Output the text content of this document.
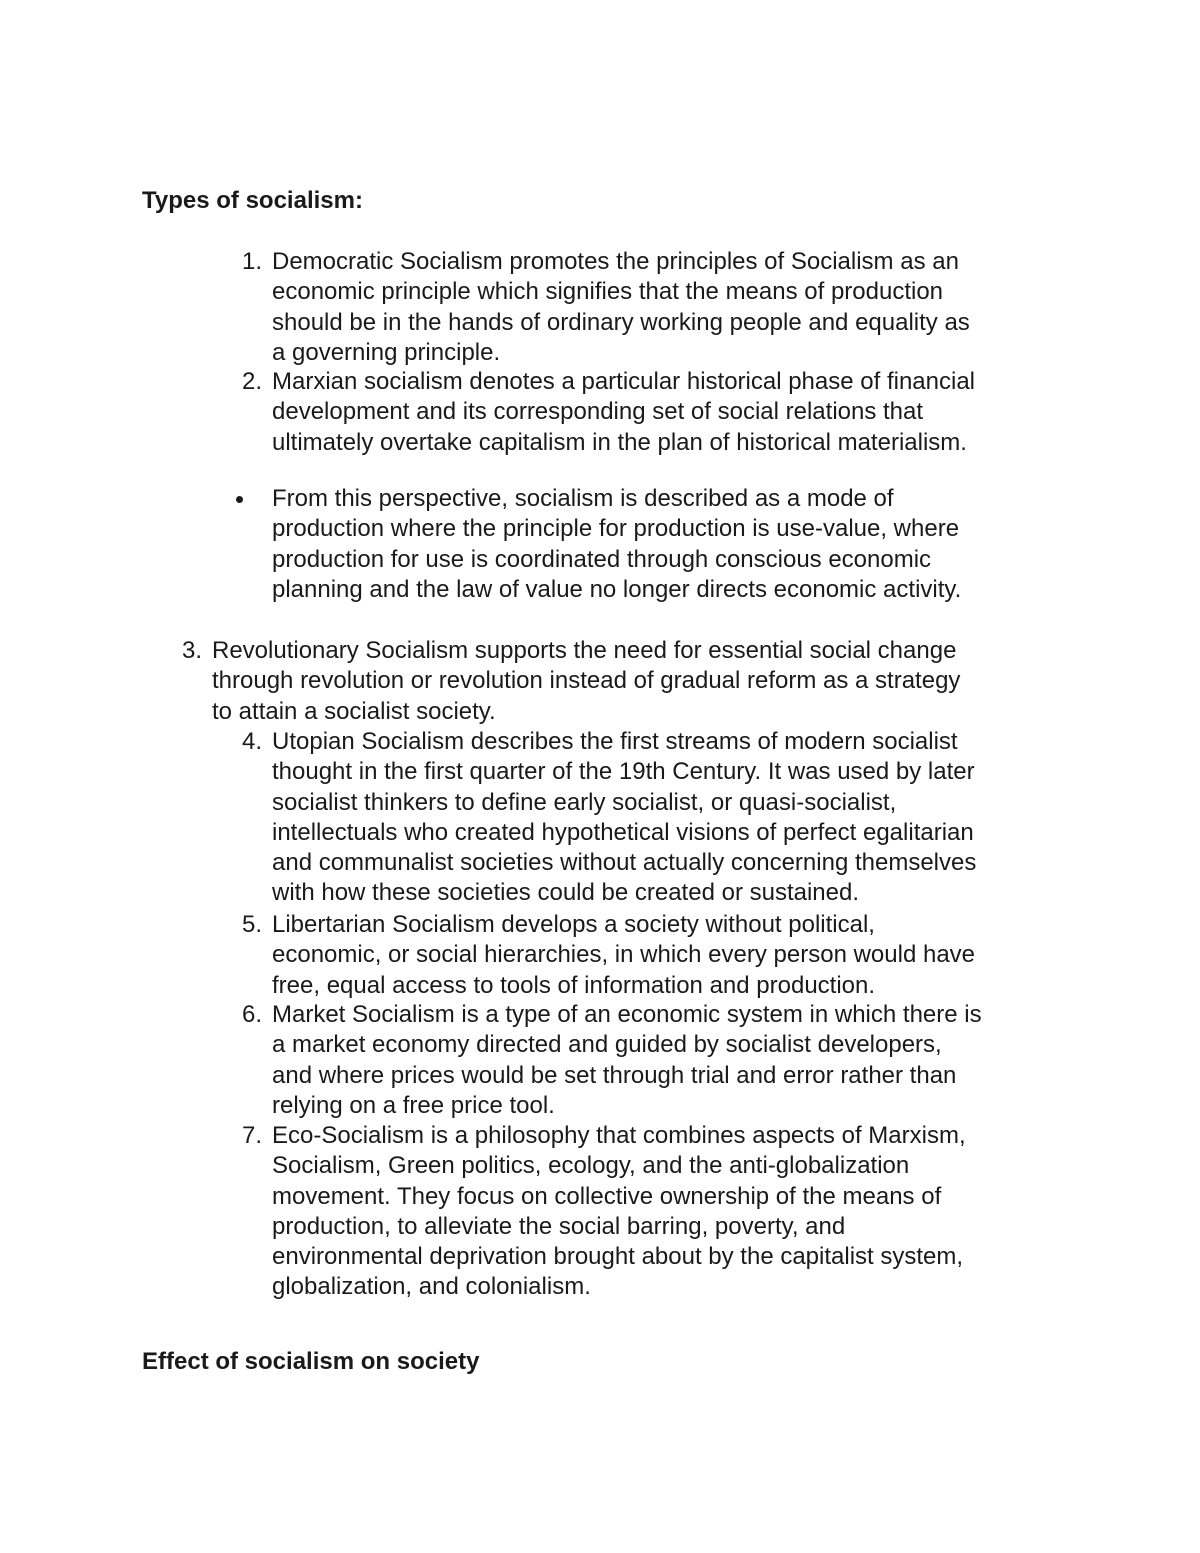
Types of socialism:
1. Democratic Socialism promotes the principles of Socialism as an
economic principle which signifies that the means of production
should be in the hands of ordinary working people and equality as
a governing principle.
2. Marxian socialism denotes a particular historical phase of financial
development and its corresponding set of social relations that
ultimately overtake capitalism in the plan of historical materialism.
From this perspective, socialism is described as a mode of
production where the principle for production is use-value, where
production for use is coordinated through conscious economic
planning and the law of value no longer directs economic activity.
3. Revolutionary Socialism supports the need for essential social change
through revolution or revolution instead of gradual reform as a strategy
to attain a socialist society.
4. Utopian Socialism describes the first streams of modern socialist
thought in the first quarter of the 19th Century. It was used by later
socialist thinkers to define early socialist, or quasi-socialist,
intellectuals who created hypothetical visions of perfect egalitarian
and communalist societies without actually concerning themselves
with how these societies could be created or sustained.
5. Libertarian Socialism develops a society without political,
economic, or social hierarchies, in which every person would have
free, equal access to tools of information and production.
6. Market Socialism is a type of an economic system in which there is
a market economy directed and guided by socialist developers,
and where prices would be set through trial and error rather than
relying on a free price tool.
7. Eco-Socialism is a philosophy that combines aspects of Marxism,
Socialism, Green politics, ecology, and the anti-globalization
movement. They focus on collective ownership of the means of
production, to alleviate the social barring, poverty, and
environmental deprivation brought about by the capitalist system,
globalization, and colonialism.
Effect of socialism on society
